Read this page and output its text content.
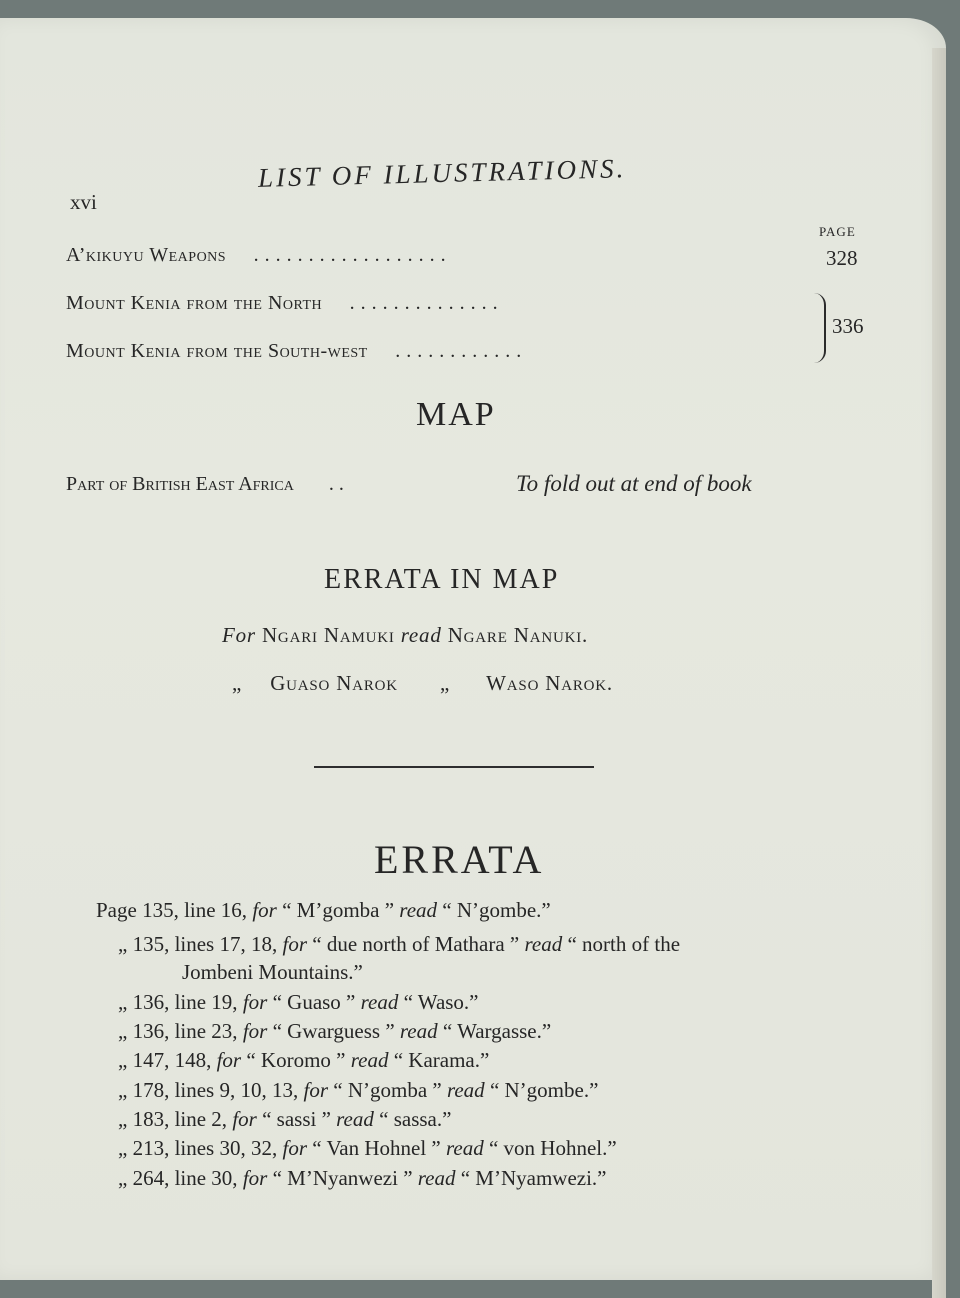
LIST OF ILLUSTRATIONS.
xvi
PAGE
A’kikuyu Weapons . . . . . . . . . . . . . . . . . .	328
Mount Kenia from the North . . . . . . . . . . . . . .
Mount Kenia from the South-west . . . . . . . . . . . .
336
MAP
Part of British East Africa . .	To fold out at end of book
ERRATA IN MAP
For Ngari Namuki read Ngare Nanuki.
„ Guaso Narok „ Waso Narok.
ERRATA
Page 135, line 16, for “ M’gomba ” read “ N’gombe.”
„ 135, lines 17, 18, for “ due north of Mathara ” read “ north of the
Jombeni Mountains.”
„ 136, line 19, for “ Guaso ” read “ Waso.”
„ 136, line 23, for “ Gwarguess ” read “ Wargasse.”
„ 147, 148, for “ Koromo ” read “ Karama.”
„ 178, lines 9, 10, 13, for “ N’gomba ” read “ N’gombe.”
„ 183, line 2, for “ sassi ” read “ sassa.”
„ 213, lines 30, 32, for “ Van Hohnel ” read “ von Hohnel.”
„ 264, line 30, for “ M’Nyanwezi ” read “ M’Nyamwezi.”
